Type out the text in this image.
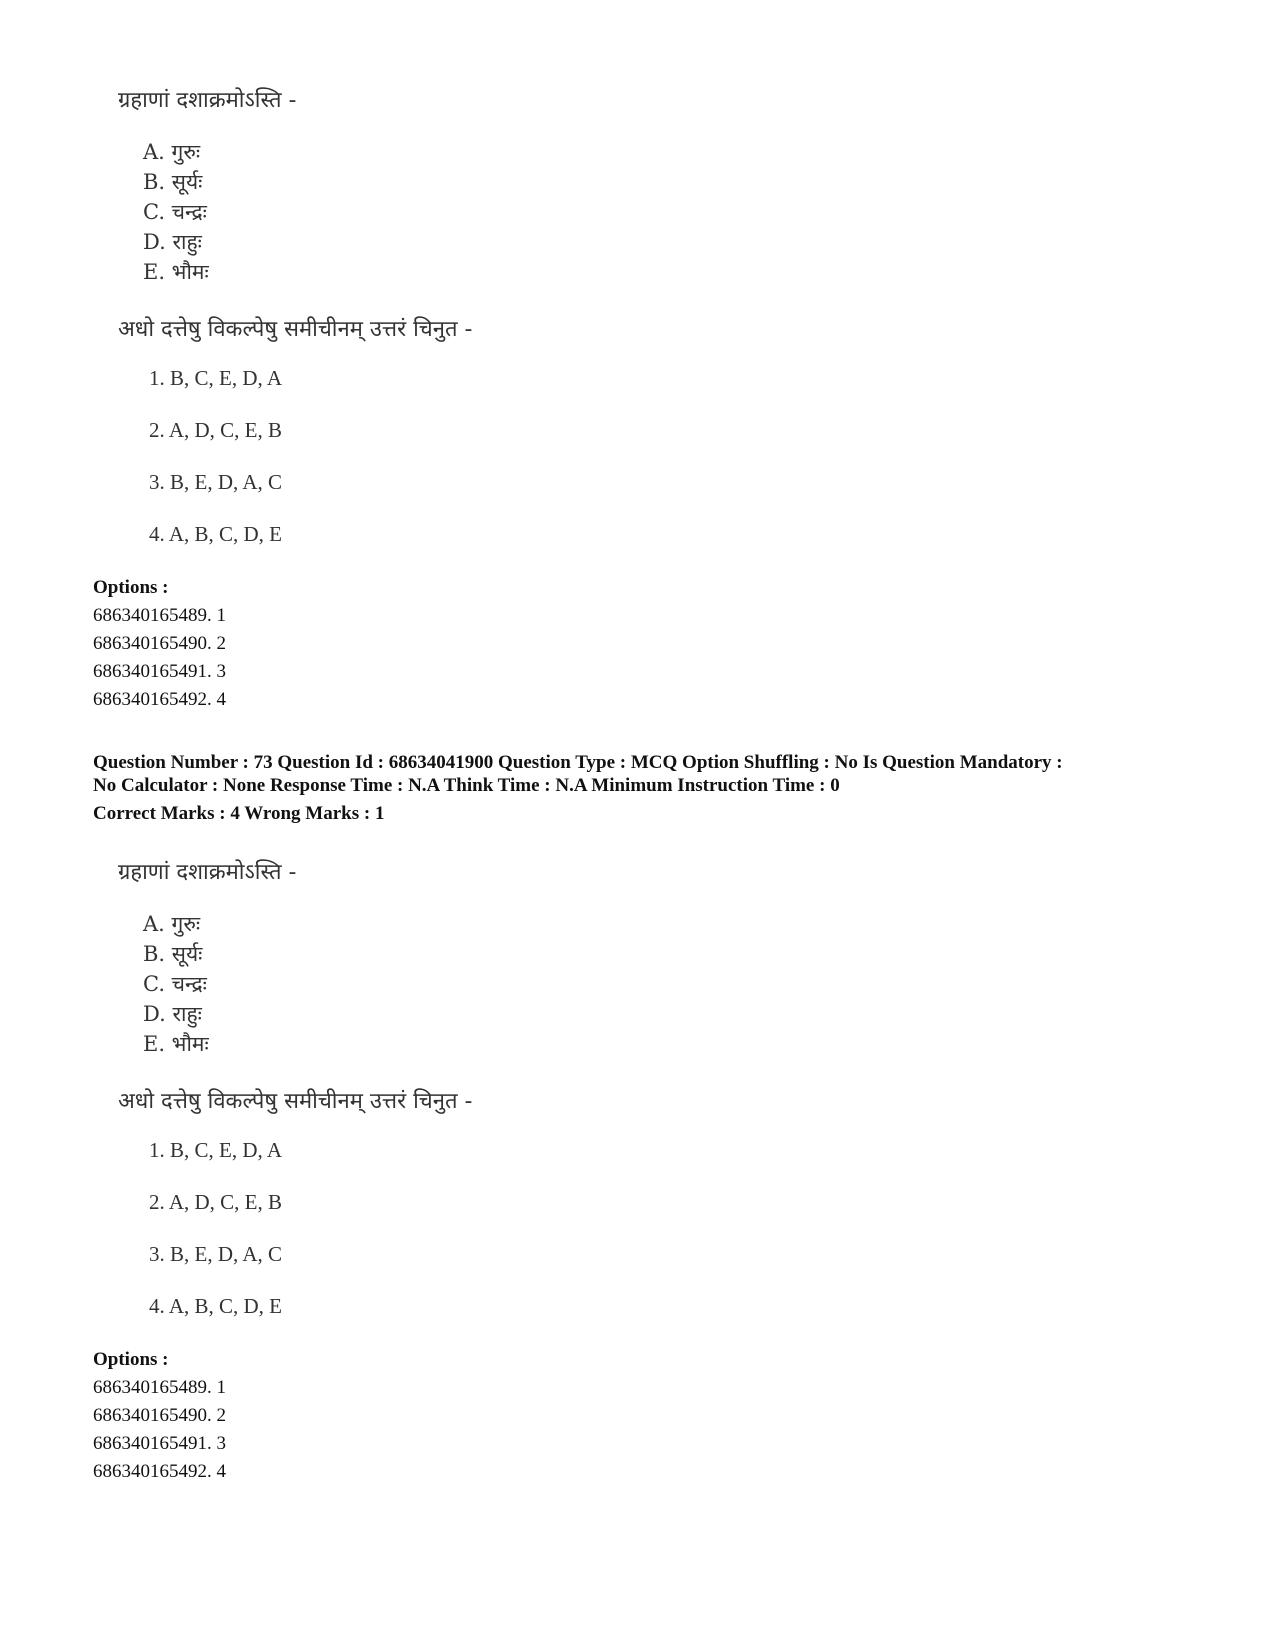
ग्रहाणां दशाक्रमोऽस्ति -
A. गुरुः
B. सूर्यः
C. चन्द्रः
D. राहुः
E. भौमः
अधो दत्तेषु विकल्पेषु समीचीनम् उत्तरं चिनुत -
1. B, C, E, D, A
2. A, D, C, E, B
3. B, E, D, A, C
4. A, B, C, D, E
Options :
686340165489. 1
686340165490. 2
686340165491. 3
686340165492. 4
Question Number : 73 Question Id : 68634041900 Question Type : MCQ Option Shuffling : No Is Question Mandatory :
No Calculator : None Response Time : N.A Think Time : N.A Minimum Instruction Time : 0
Correct Marks : 4 Wrong Marks : 1
ग्रहाणां दशाक्रमोऽस्ति -
A. गुरुः
B. सूर्यः
C. चन्द्रः
D. राहुः
E. भौमः
अधो दत्तेषु विकल्पेषु समीचीनम् उत्तरं चिनुत -
1. B, C, E, D, A
2. A, D, C, E, B
3. B, E, D, A, C
4. A, B, C, D, E
Options :
686340165489. 1
686340165490. 2
686340165491. 3
686340165492. 4
